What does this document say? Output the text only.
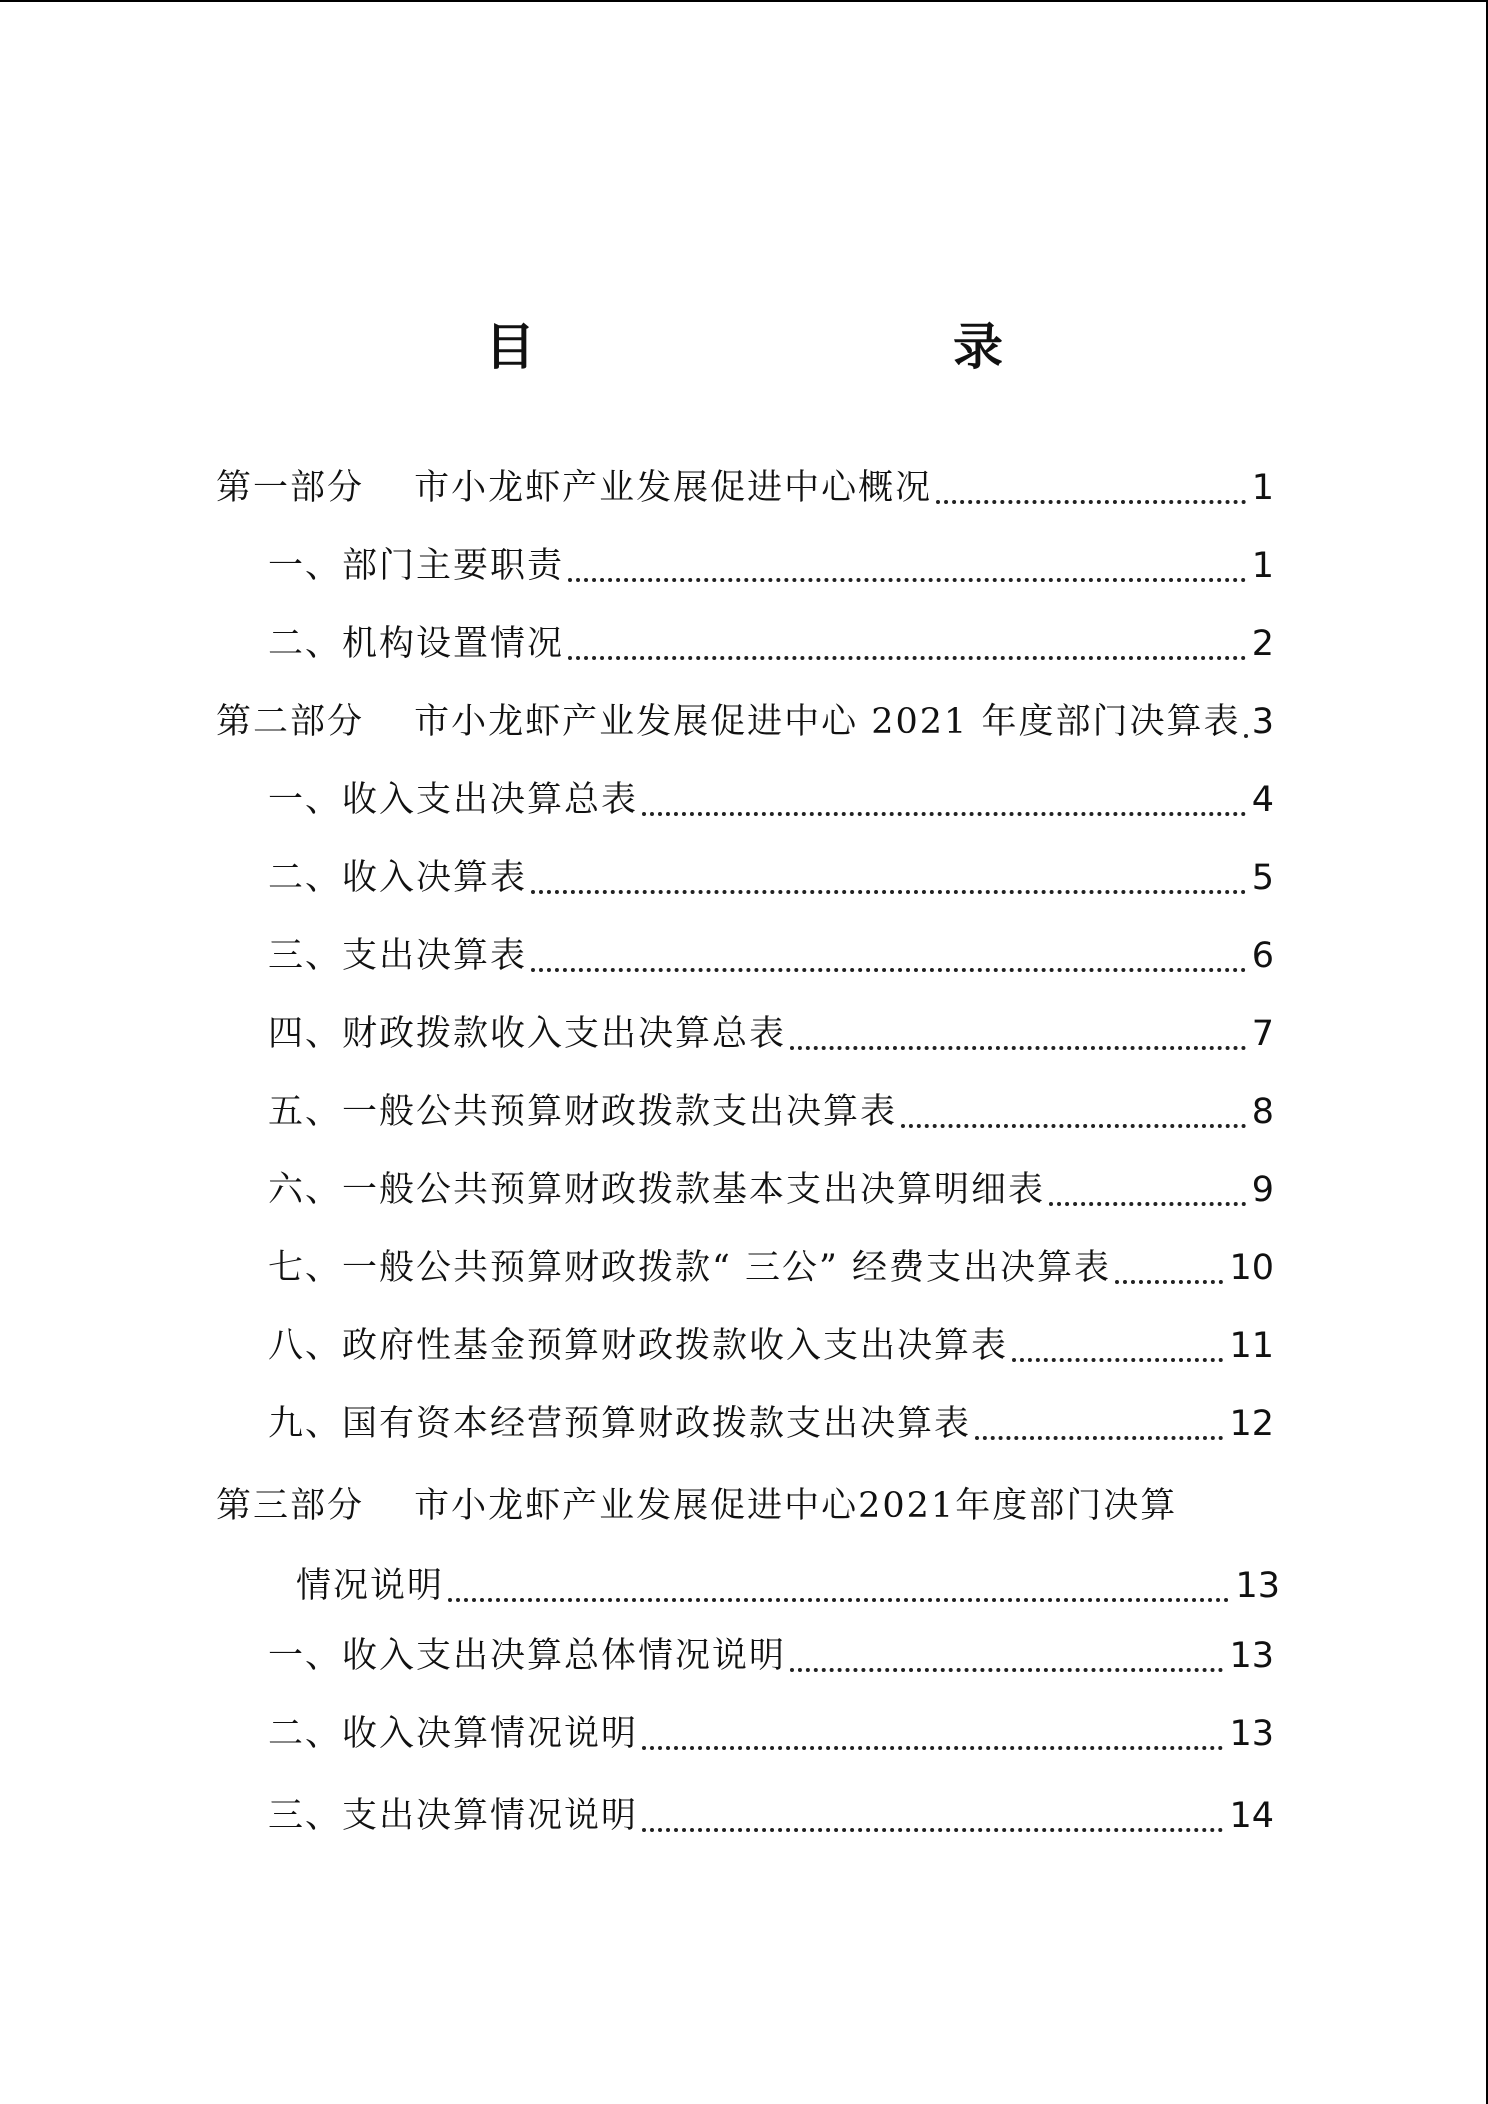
目　　录
第一部分　 市小龙虾产业发展促进中心概况	1
一、部门主要职责	1
二、机构设置情况	2
第二部分　 市小龙虾产业发展促进中心 2021 年度部门决算表 3
一、收入支出决算总表	4
二、收入决算表	5
三、支出决算表	6
四、财政拨款收入支出决算总表	7
五、一般公共预算财政拨款支出决算表	8
六、一般公共预算财政拨款基本支出决算明细表	9
七、一般公共预算财政拨款“ 三公” 经费支出决算表	10
八、政府性基金预算财政拨款收入支出决算表	11
九、国有资本经营预算财政拨款支出决算表	12
第三部分　 市小龙虾产业发展促进中心2021年度部门决算
情况说明	13
一、收入支出决算总体情况说明	13
二、收入决算情况说明	13
三、支出决算情况说明	14
